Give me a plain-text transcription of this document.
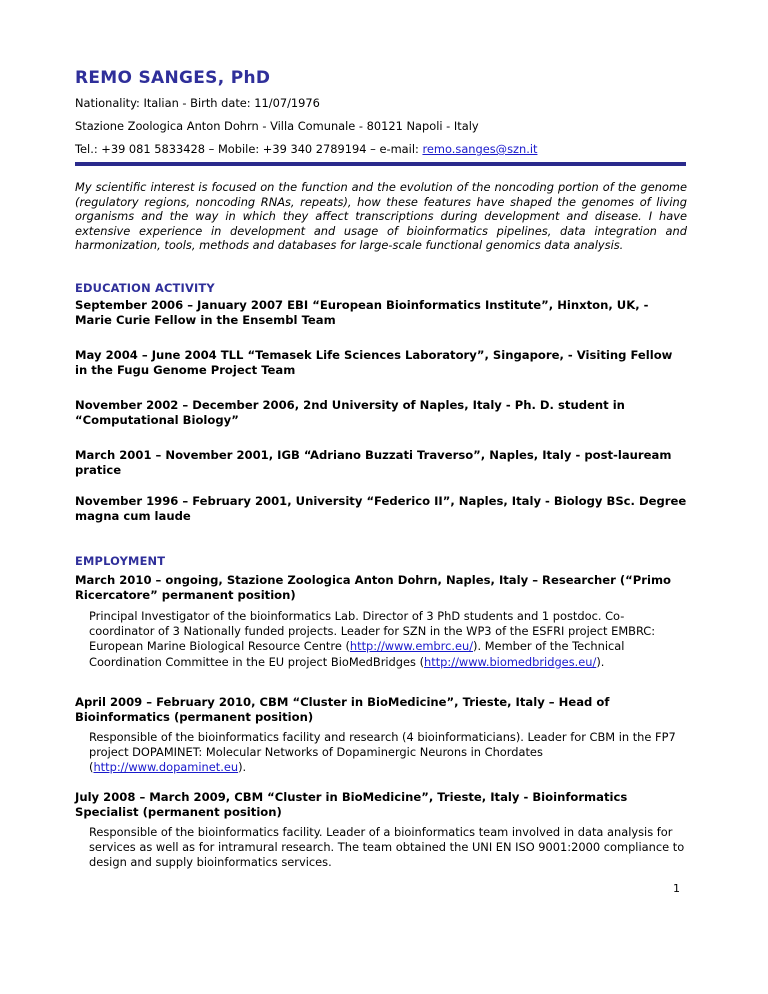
REMO SANGES, PhD
Nationality: Italian - Birth date: 11/07/1976
Stazione Zoologica Anton Dohrn - Villa Comunale - 80121 Napoli - Italy
Tel.: +39 081 5833428 – Mobile: +39 340 2789194 – e-mail: remo.sanges@szn.it
My scientific interest is focused on the function and the evolution of the noncoding portion of the genome (regulatory regions, noncoding RNAs, repeats), how these features have shaped the genomes of living organisms and the way in which they affect transcriptions during development and disease. I have extensive experience in development and usage of bioinformatics pipelines, data integration and harmonization, tools, methods and databases for large-scale functional genomics data analysis.
EDUCATION ACTIVITY
September 2006 – January 2007 EBI “European Bioinformatics Institute”, Hinxton, UK, - Marie Curie Fellow in the Ensembl Team
May 2004 – June 2004 TLL “Temasek Life Sciences Laboratory”, Singapore, - Visiting Fellow in the Fugu Genome Project Team
November 2002 – December 2006, 2nd University of Naples, Italy - Ph. D. student in “Computational Biology”
March 2001 – November 2001, IGB “Adriano Buzzati Traverso”, Naples, Italy - post-lauream pratice
November 1996 – February 2001, University “Federico II”, Naples, Italy - Biology BSc. Degree magna cum laude
EMPLOYMENT
March 2010 – ongoing, Stazione Zoologica Anton Dohrn, Naples, Italy – Researcher (“Primo Ricercatore” permanent position)
Principal Investigator of the bioinformatics Lab. Director of 3 PhD students and 1 postdoc. Co-coordinator of 3 Nationally funded projects. Leader for SZN in the WP3 of the ESFRI project EMBRC: European Marine Biological Resource Centre (http://www.embrc.eu/). Member of the Technical Coordination Committee in the EU project BioMedBridges (http://www.biomedbridges.eu/).
April 2009 – February 2010, CBM “Cluster in BioMedicine”, Trieste, Italy – Head of Bioinformatics (permanent position)
Responsible of the bioinformatics facility and research (4 bioinformaticians). Leader for CBM in the FP7 project DOPAMINET: Molecular Networks of Dopaminergic Neurons in Chordates (http://www.dopaminet.eu).
July 2008 – March 2009, CBM “Cluster in BioMedicine”, Trieste, Italy - Bioinformatics Specialist (permanent position)
Responsible of the bioinformatics facility. Leader of a bioinformatics team involved in data analysis for services as well as for intramural research. The team obtained the UNI EN ISO 9001:2000 compliance to design and supply bioinformatics services.
1
